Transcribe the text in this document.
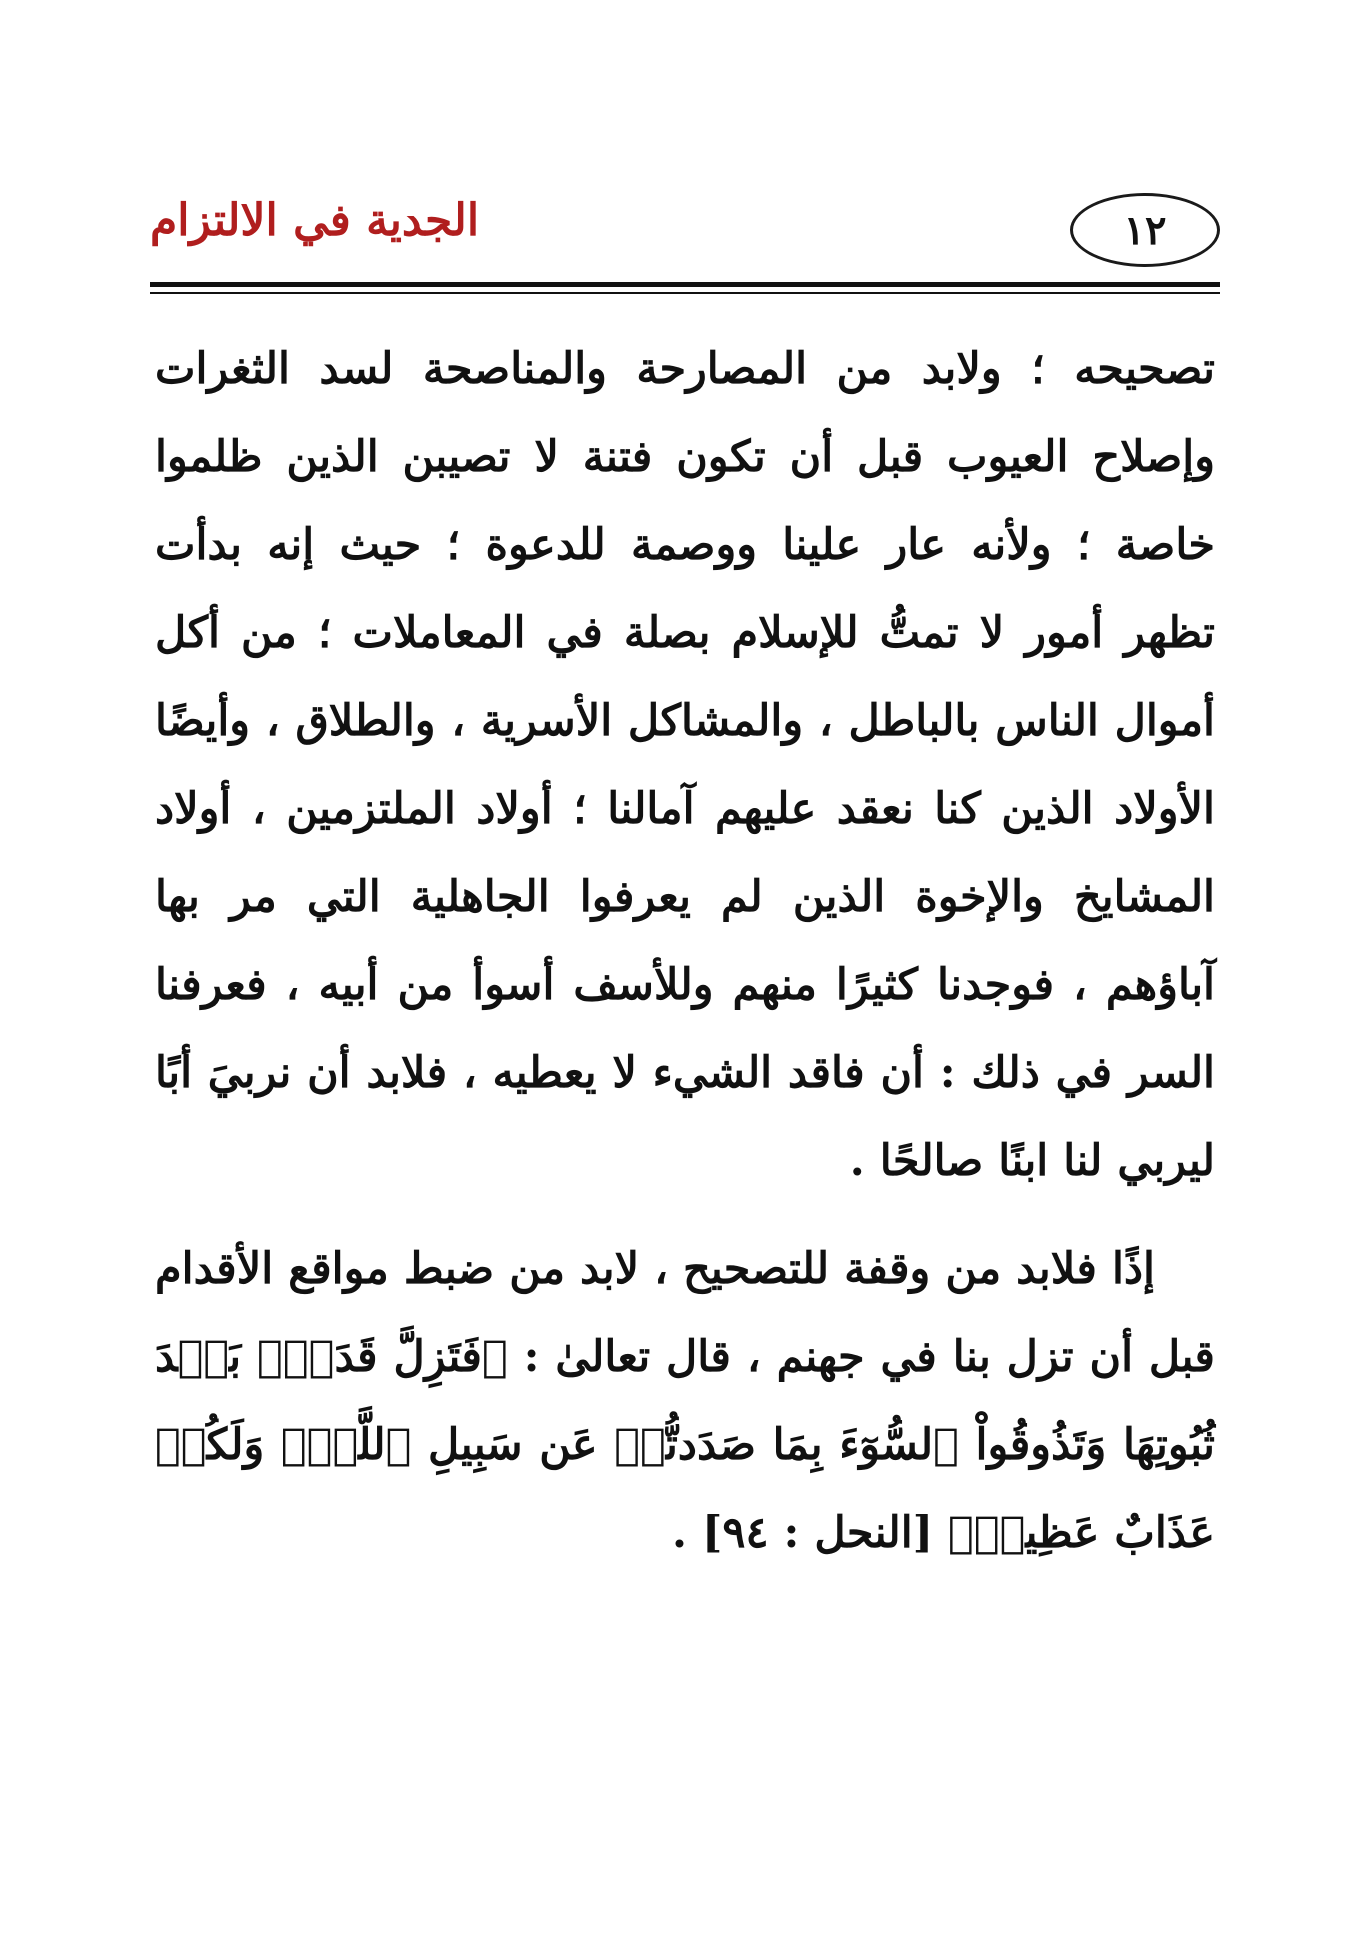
١٢
الجدية في الالتزام

تصحيحه ؛ ولابد من المصارحة والمناصحة لسد الثغرات وإصلاح العيوب قبل أن تكون فتنة لا تصيبن الذين ظلموا خاصة ؛ ولأنه عار علينا ووصمة للدعوة ؛ حيث إنه بدأت تظهر أمور لا تمتُّ للإسلام بصلة في المعاملات ؛ من أكل أموال الناس بالباطل ، والمشاكل الأسرية ، والطلاق ، وأيضًا الأولاد الذين كنا نعقد عليهم آمالنا ؛ أولاد الملتزمين ، أولاد المشايخ والإخوة الذين لم يعرفوا الجاهلية التي مر بها آباؤهم ، فوجدنا كثيرًا منهم وللأسف أسوأ من أبيه ، فعرفنا السر في ذلك : أن فاقد الشيء لا يعطيه ، فلابد أن نربيَ أبًا ليربي لنا ابنًا صالحًا .

إذًا فلابد من وقفة للتصحيح ، لابد من ضبط مواقع الأقدام قبل أن تزل بنا في جهنم ، قال تعالىٰ : ﴿فَتَزِلَّ قَدَمٌۢ بَعۡدَ ثُبُوتِهَا وَتَذُوقُواْ ٱلسُّوٓءَ بِمَا صَدَدتُّمۡ عَن سَبِيلِ ٱللَّهِۖ وَلَكُمۡ عَذَابٌ عَظِيمٞ﴾ [النحل : ٩٤] .
